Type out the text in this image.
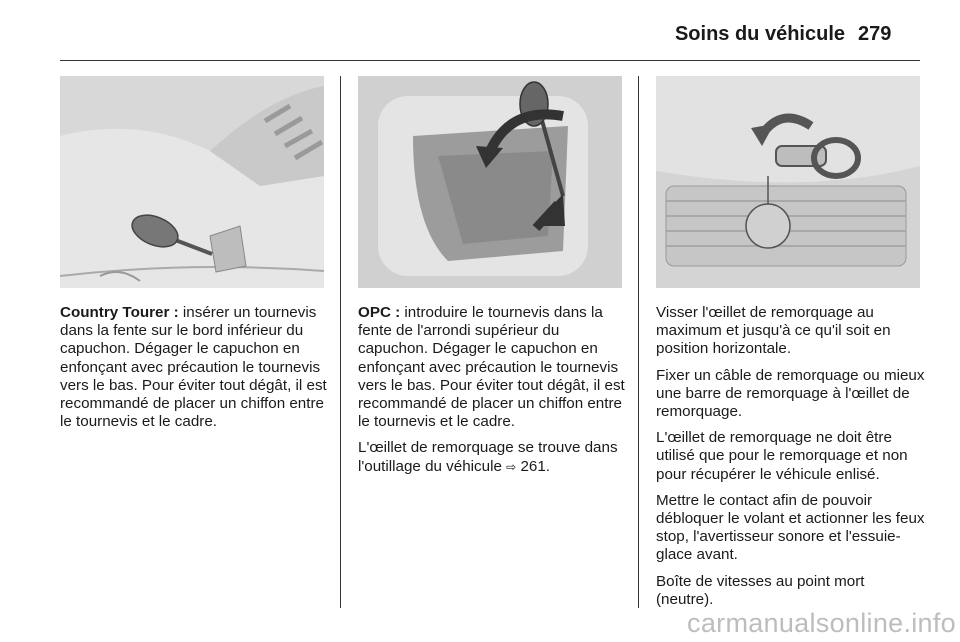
Soins du véhicule 279

Country Tourer : insérer un tournevis dans la fente sur le bord inférieur du capuchon. Dégager le capuchon en enfonçant avec précaution le tournevis vers le bas. Pour éviter tout dégât, il est recommandé de placer un chiffon entre le tournevis et le cadre.

OPC : introduire le tournevis dans la fente de l'arrondi supérieur du capuchon. Dégager le capuchon en enfonçant avec précaution le tournevis vers le bas. Pour éviter tout dégât, il est recommandé de placer un chiffon entre le tournevis et le cadre.

L'œillet de remorquage se trouve dans l'outillage du véhicule ⇨ 261.

Visser l'œillet de remorquage au maximum et jusqu'à ce qu'il soit en position horizontale.

Fixer un câble de remorquage ou mieux une barre de remorquage à l'œillet de remorquage.

L'œillet de remorquage ne doit être utilisé que pour le remorquage et non pour récupérer le véhicule enlisé.

Mettre le contact afin de pouvoir débloquer le volant et actionner les feux stop, l'avertisseur sonore et l'essuie-glace avant.

Boîte de vitesses au point mort (neutre).

carmanualsonline.info
